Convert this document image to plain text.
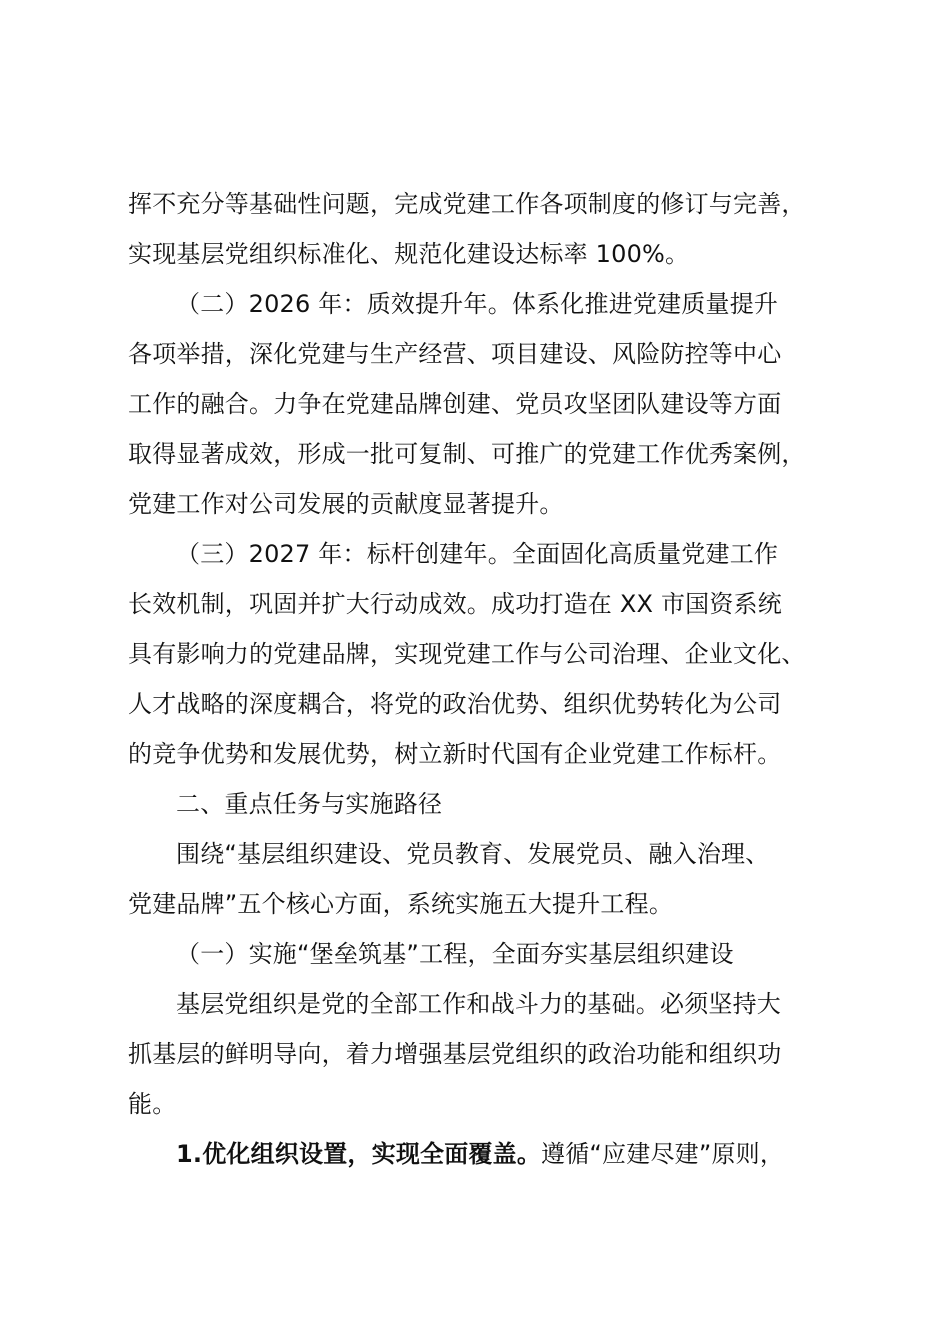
挥不充分等基础性问题，完成党建工作各项制度的修订与完善，
实现基层党组织标准化、规范化建设达标率 100%。
（二）2026 年：质效提升年。体系化推进党建质量提升
各项举措，深化党建与生产经营、项目建设、风险防控等中心
工作的融合。力争在党建品牌创建、党员攻坚团队建设等方面
取得显著成效，形成一批可复制、可推广的党建工作优秀案例，
党建工作对公司发展的贡献度显著提升。
（三）2027 年：标杆创建年。全面固化高质量党建工作
长效机制，巩固并扩大行动成效。成功打造在 XX 市国资系统
具有影响力的党建品牌，实现党建工作与公司治理、企业文化、
人才战略的深度耦合，将党的政治优势、组织优势转化为公司
的竞争优势和发展优势，树立新时代国有企业党建工作标杆。
二、重点任务与实施路径
围绕“基层组织建设、党员教育、发展党员、融入治理、
党建品牌”五个核心方面，系统实施五大提升工程。
（一）实施“堡垒筑基”工程，全面夯实基层组织建设
基层党组织是党的全部工作和战斗力的基础。必须坚持大
抓基层的鲜明导向，着力增强基层党组织的政治功能和组织功
能。
1.优化组织设置，实现全面覆盖。遵循“应建尽建”原则，
